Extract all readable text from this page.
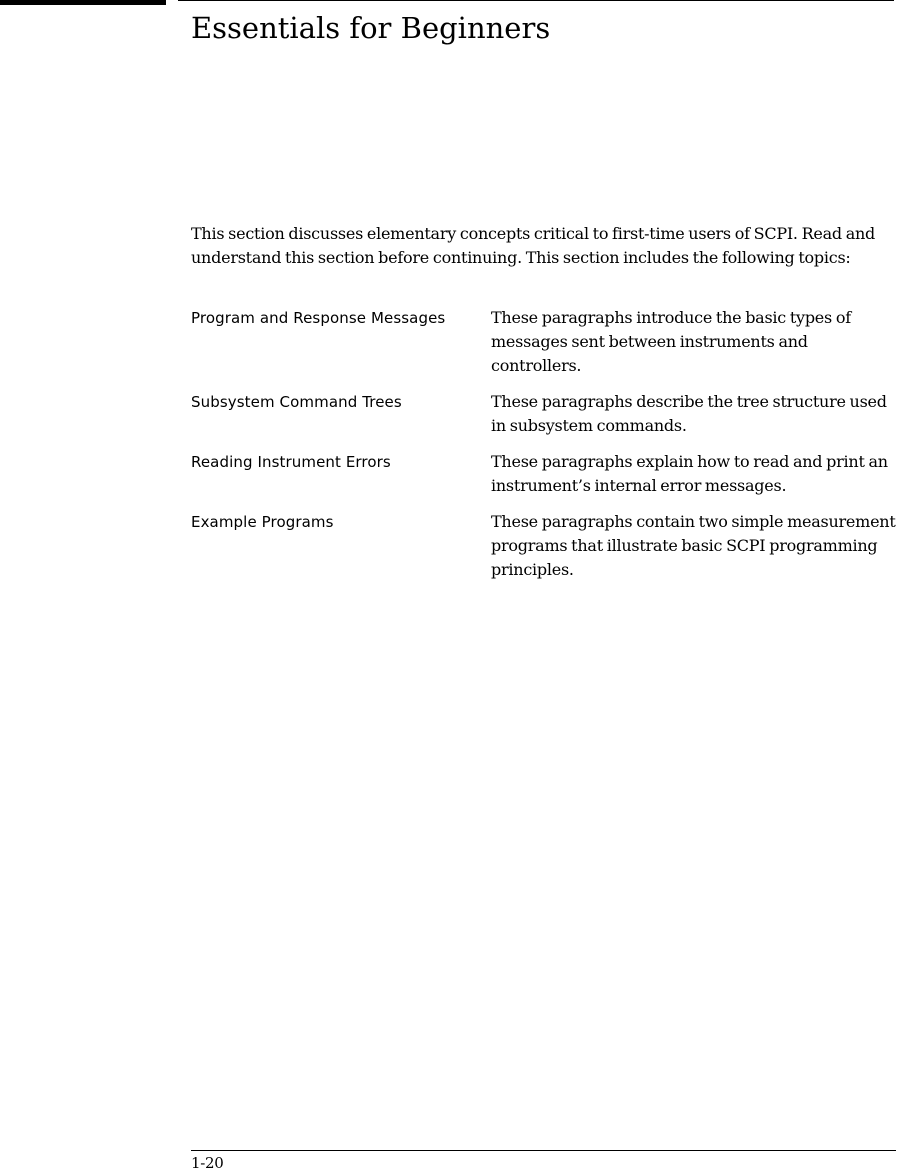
Essentials for Beginners

This section discusses elementary concepts critical to first-time users of SCPI. Read and understand this section before continuing. This section includes the following topics:

Program and Response Messages	These paragraphs introduce the basic types of messages sent between instruments and controllers.
Subsystem Command Trees	These paragraphs describe the tree structure used in subsystem commands.
Reading Instrument Errors	These paragraphs explain how to read and print an instrument’s internal error messages.
Example Programs	These paragraphs contain two simple measurement programs that illustrate basic SCPI programming principles.
1-20
